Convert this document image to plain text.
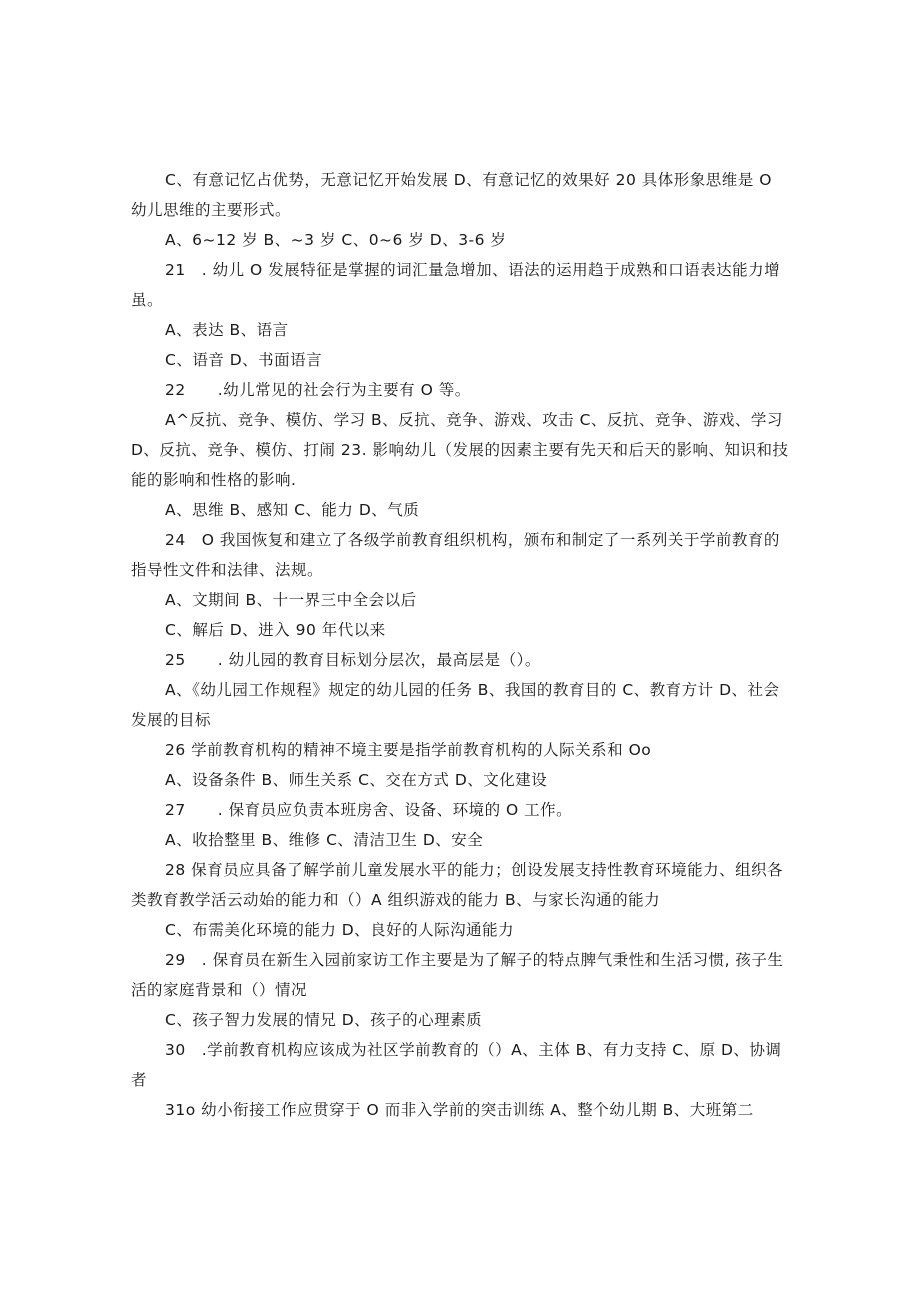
C、有意记忆占优势，无意记忆开始发展 D、有意记忆的效果好 20 具体形象思维是 O 幼儿思维的主要形式。

A、6~12 岁 B、~3 岁 C、0~6 岁 D、3-6 岁

21　. 幼儿 O 发展特征是掌握的词汇量急增加、语法的运用趋于成熟和口语表达能力增虽。

A、表达 B、语言

C、语音 D、书面语言

22　　.幼儿常见的社会行为主要有 O 等。

A^反抗、竞争、模仿、学习 B、反抗、竞争、游戏、攻击 C、反抗、竞争、游戏、学习 D、反抗、竞争、模仿、打闹 23. 影响幼儿（发展的因素主要有先天和后天的影响、知识和技能的影响和性格的影响.

A、思维 B、感知 C、能力 D、气质

24　O 我国恢复和建立了各级学前教育组织机构，颁布和制定了一系列关于学前教育的指导性文件和法律、法规。

A、文期间 B、十一界三中全会以后

C、解后 D、进入 90 年代以来

25　　. 幼儿园的教育目标划分层次，最高层是（）。

A、《幼儿园工作规程》规定的幼儿园的任务 B、我国的教育目的 C、教育方计 D、社会发展的目标

26 学前教育机构的精神不境主要是指学前教育机构的人际关系和 Oo

A、设备条件 B、师生关系 C、交在方式 D、文化建设

27　　. 保育员应负责本班房舍、设备、环境的 O 工作。

A、收拾整里 B、维修 C、清洁卫生 D、安全

28 保育员应具备了解学前儿童发展水平的能力；创设发展支持性教育环境能力、组织各类教育教学活云动始的能力和（）A 组织游戏的能力 B、与家长沟通的能力

C、布需美化环境的能力 D、良好的人际沟通能力

29　. 保育员在新生入园前家访工作主要是为了解子的特点脾气秉性和生活习惯, 孩子生活的家庭背景和（）情况

C、孩子智力发展的情兄 D、孩子的心理素质

30　.学前教育机构应该成为社区学前教育的（）A、主体 B、有力支持 C、原 D、协调者

31o 幼小衔接工作应贯穿于 O 而非入学前的突击训练 A、整个幼儿期 B、大班第二
